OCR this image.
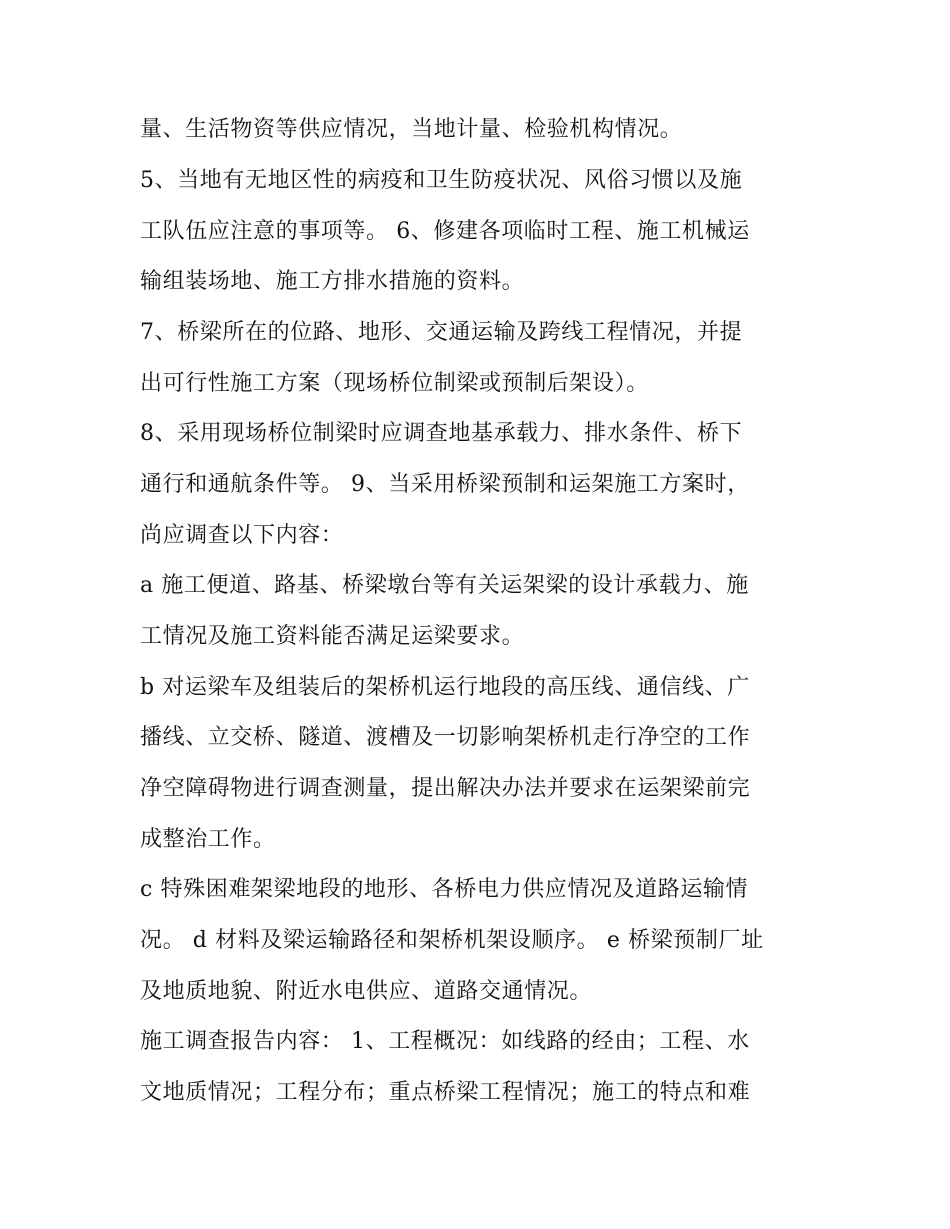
量、生活物资等供应情况，当地计量、检验机构情况。
5、当地有无地区性的病疫和卫生防疫状况、风俗习惯以及施
工队伍应注意的事项等。 6、修建各项临时工程、施工机械运
输组装场地、施工方排水措施的资料。
7、桥梁所在的位路、地形、交通运输及跨线工程情况，并提
出可行性施工方案（现场桥位制梁或预制后架设）。
8、采用现场桥位制梁时应调查地基承载力、排水条件、桥下
通行和通航条件等。 9、当采用桥梁预制和运架施工方案时，
尚应调查以下内容：
a 施工便道、路基、桥梁墩台等有关运架梁的设计承载力、施
工情况及施工资料能否满足运梁要求。
b 对运梁车及组装后的架桥机运行地段的高压线、通信线、广
播线、立交桥、隧道、渡槽及一切影响架桥机走行净空的工作
净空障碍物进行调查测量，提出解决办法并要求在运架梁前完
成整治工作。
c 特殊困难架梁地段的地形、各桥电力供应情况及道路运输情
况。 d 材料及梁运输路径和架桥机架设顺序。 e 桥梁预制厂址
及地质地貌、附近水电供应、道路交通情况。
施工调查报告内容： 1、工程概况：如线路的经由；工程、水
文地质情况；工程分布；重点桥梁工程情况；施工的特点和难
